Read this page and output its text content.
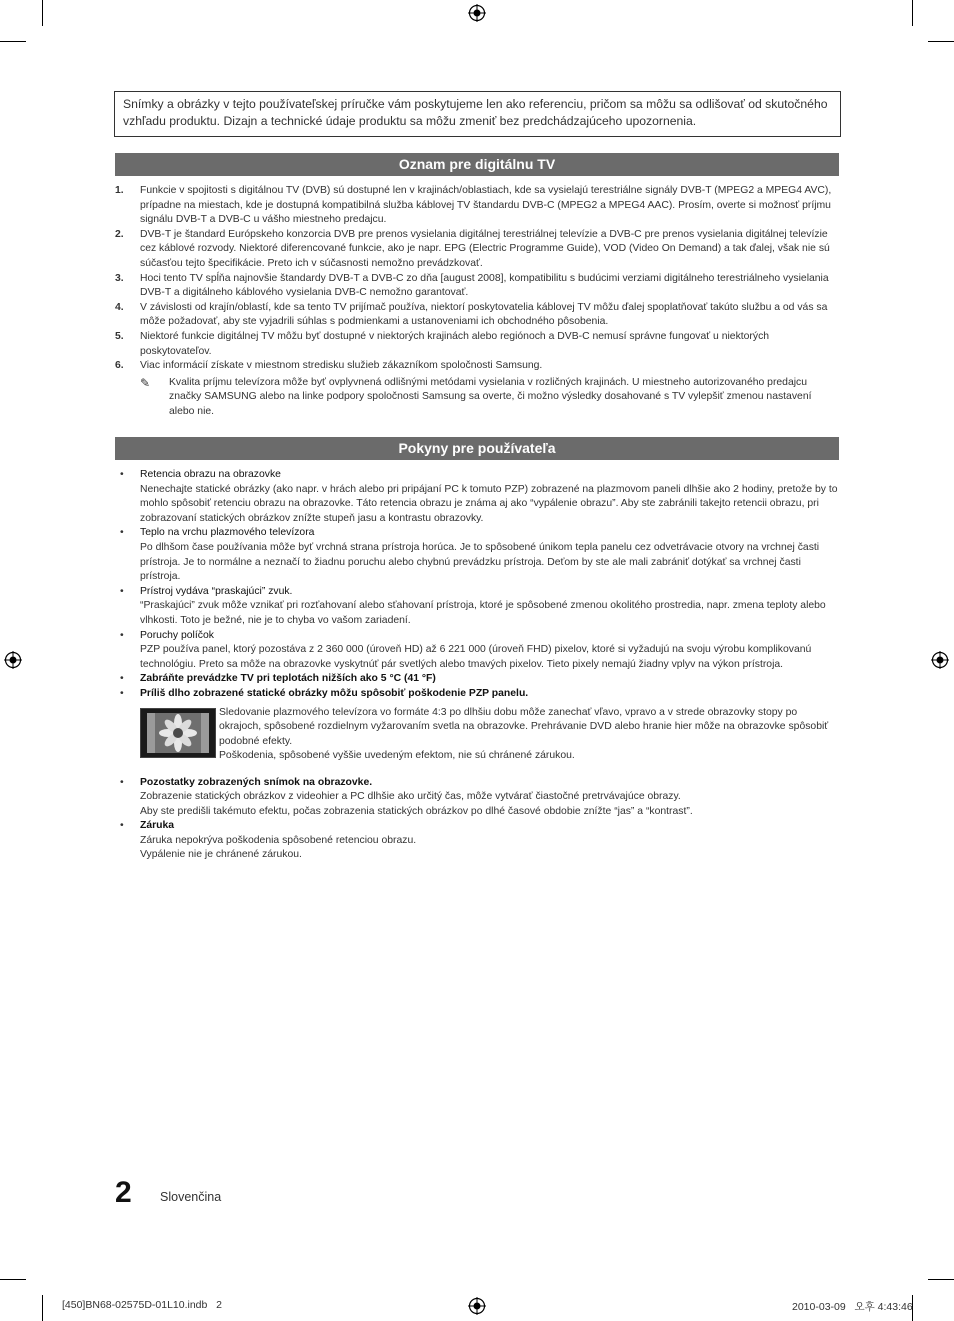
Snímky a obrázky v tejto používateľskej príručke vám poskytujeme len ako referenciu, pričom sa môžu sa odlišovať od skutočného vzhľadu produktu. Dizajn a technické údaje produktu sa môžu zmeniť bez predchádzajúceho upozornenia.
Oznam pre digitálnu TV
1. Funkcie v spojitosti s digitálnou TV (DVB) sú dostupné len v krajinách/oblastiach, kde sa vysielajú terestriálne signály DVB-T (MPEG2 a MPEG4 AVC), prípadne na miestach, kde je dostupná kompatibilná služba káblovej TV štandardu DVB-C (MPEG2 a MPEG4 AAC). Prosím, overte si možnosť príjmu signálu DVB-T a DVB-C u vášho miestneho predajcu.
2. DVB-T je štandard Európskeho konzorcia DVB pre prenos vysielania digitálnej terestriálnej televízie a DVB-C pre prenos vysielania digitálnej televízie cez káblové rozvody. Niektoré diferencované funkcie, ako je napr. EPG (Electric Programme Guide), VOD (Video On Demand) a tak ďalej, však nie sú súčasťou tejto špecifikácie. Preto ich v súčasnosti nemožno prevádzkovať.
3. Hoci tento TV spĺňa najnovšie štandardy DVB-T a DVB-C zo dňa [august 2008], kompatibilitu s budúcimi verziami digitálneho terestriálneho vysielania DVB-T a digitálneho káblového vysielania DVB-C nemožno garantovať.
4. V závislosti od krajín/oblastí, kde sa tento TV prijímač používa, niektorí poskytovatelia káblovej TV môžu ďalej spoplatňovať takúto službu a od vás sa môže požadovať, aby ste vyjadrili súhlas s podmienkami a ustanoveniami ich obchodného pôsobenia.
5. Niektoré funkcie digitálnej TV môžu byť dostupné v niektorých krajinách alebo regiónoch a DVB-C nemusí správne fungovať u niektorých poskytovateľov.
6. Viac informácií získate v miestnom stredisku služieb zákazníkom spoločnosti Samsung.
✎ Kvalita príjmu televízora môže byť ovplyvnená odlišnými metódami vysielania v rozličných krajinách. U miestneho autorizovaného predajcu značky SAMSUNG alebo na linke podpory spoločnosti Samsung sa overte, či možno výsledky dosahované s TV vylepšiť zmenou nastavení alebo nie.
Pokyny pre používateľa
• Retencia obrazu na obrazovke
Nenechajte statické obrázky (ako napr. v hrách alebo pri pripájaní PC k tomuto PZP) zobrazené na plazmovom paneli dlhšie ako 2 hodiny, pretože by to mohlo spôsobiť retenciu obrazu na obrazovke. Táto retencia obrazu je známa aj ako “vypálenie obrazu”. Aby ste zabránili takejto retencii obrazu, pri zobrazovaní statických obrázkov znížte stupeň jasu a kontrastu obrazovky.
• Teplo na vrchu plazmového televízora
Po dlhšom čase používania môže byť vrchná strana prístroja horúca. Je to spôsobené únikom tepla panelu cez odvetrávacie otvory na vrchnej časti prístroja. Je to normálne a neznačí to žiadnu poruchu alebo chybnú prevádzku prístroja. Deťom by ste ale mali zabrániť dotýkať sa vrchnej časti prístroja.
• Prístroj vydáva “praskajúci” zvuk.
“Praskajúci” zvuk môže vznikať pri rozťahovaní alebo sťahovaní prístroja, ktoré je spôsobené zmenou okolitého prostredia, napr. zmena teploty alebo vlhkosti. Toto je bežné, nie je to chyba vo vašom zariadení.
• Poruchy políčok
PZP používa panel, ktorý pozostáva z 2 360 000 (úroveň HD) až 6 221 000 (úroveň FHD) pixelov, ktoré si vyžadujú na svoju výrobu komplikovanú technológiu. Preto sa môže na obrazovke vyskytnúť pár svetlých alebo tmavých pixelov. Tieto pixely nemajú žiadny vplyv na výkon prístroja.
• Zabráňte prevádzke TV pri teplotách nižších ako 5 °C (41 °F)
• Príliš dlho zobrazené statické obrázky môžu spôsobiť poškodenie PZP panelu.
Sledovanie plazmového televízora vo formáte 4:3 po dlhšiu dobu môže zanechať vľavo, vpravo a v strede obrazovky stopy po okrajoch, spôsobené rozdielnym vyžarovaním svetla na obrazovke. Prehrávanie DVD alebo hranie hier môže na obrazovke spôsobiť podobné efekty.
Poškodenia, spôsobené vyššie uvedeným efektom, nie sú chránené zárukou.
• Pozostatky zobrazených snímok na obrazovke.
Zobrazenie statických obrázkov z videohier a PC dlhšie ako určitý čas, môže vytvárať čiastočné pretrvávajúce obrazy.
Aby ste predišli takémuto efektu, počas zobrazenia statických obrázkov po dlhé časové obdobie znížte “jas” a “kontrast”.
• Záruka
Záruka nepokrýva poškodenia spôsobené retenciou obrazu.
Vypálenie nie je chránené zárukou.
2 Slovenčina
[450]BN68-02575D-01L10.indb   2	2010-03-09   오후 4:43:46
